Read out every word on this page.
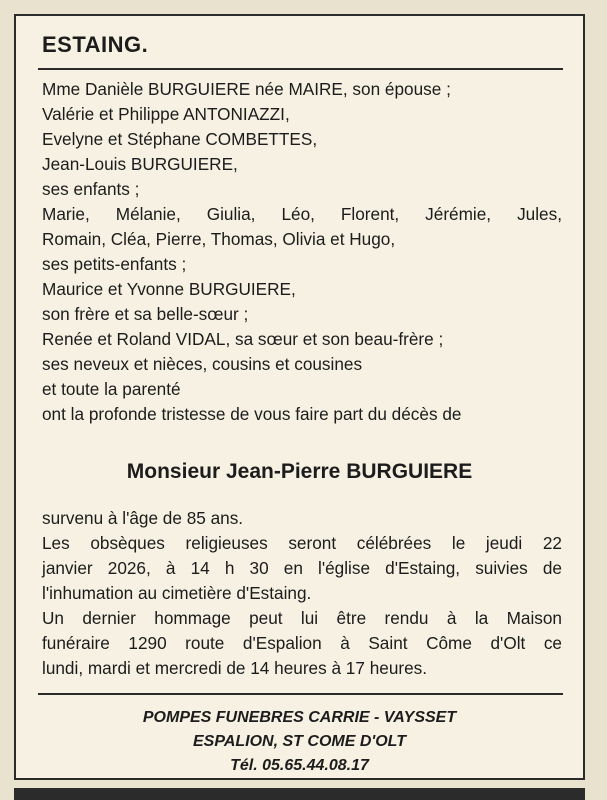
ESTAING.

Mme Danièle BURGUIERE née MAIRE, son épouse ;
Valérie et Philippe ANTONIAZZI,
Evelyne et Stéphane COMBETTES,
Jean-Louis BURGUIERE,
ses enfants ;
Marie, Mélanie, Giulia, Léo, Florent, Jérémie, Jules,
Romain, Cléa, Pierre, Thomas, Olivia et Hugo,
ses petits-enfants ;
Maurice et Yvonne BURGUIERE,
son frère et sa belle-sœur ;
Renée et Roland VIDAL, sa sœur et son beau-frère ;
ses neveux et nièces, cousins et cousines
et toute la parenté
ont la profonde tristesse de vous faire part du décès de

Monsieur Jean-Pierre BURGUIERE

survenu à l'âge de 85 ans.
Les obsèques religieuses seront célébrées le jeudi 22
janvier 2026, à 14 h 30 en l'église d'Estaing, suivies de
l'inhumation au cimetière d'Estaing.
Un dernier hommage peut lui être rendu à la Maison
funéraire 1290 route d'Espalion à Saint Côme d'Olt ce
lundi, mardi et mercredi de 14 heures à 17 heures.

POMPES FUNEBRES CARRIE - VAYSSET
ESPALION, ST COME D'OLT
Tél. 05.65.44.08.17
